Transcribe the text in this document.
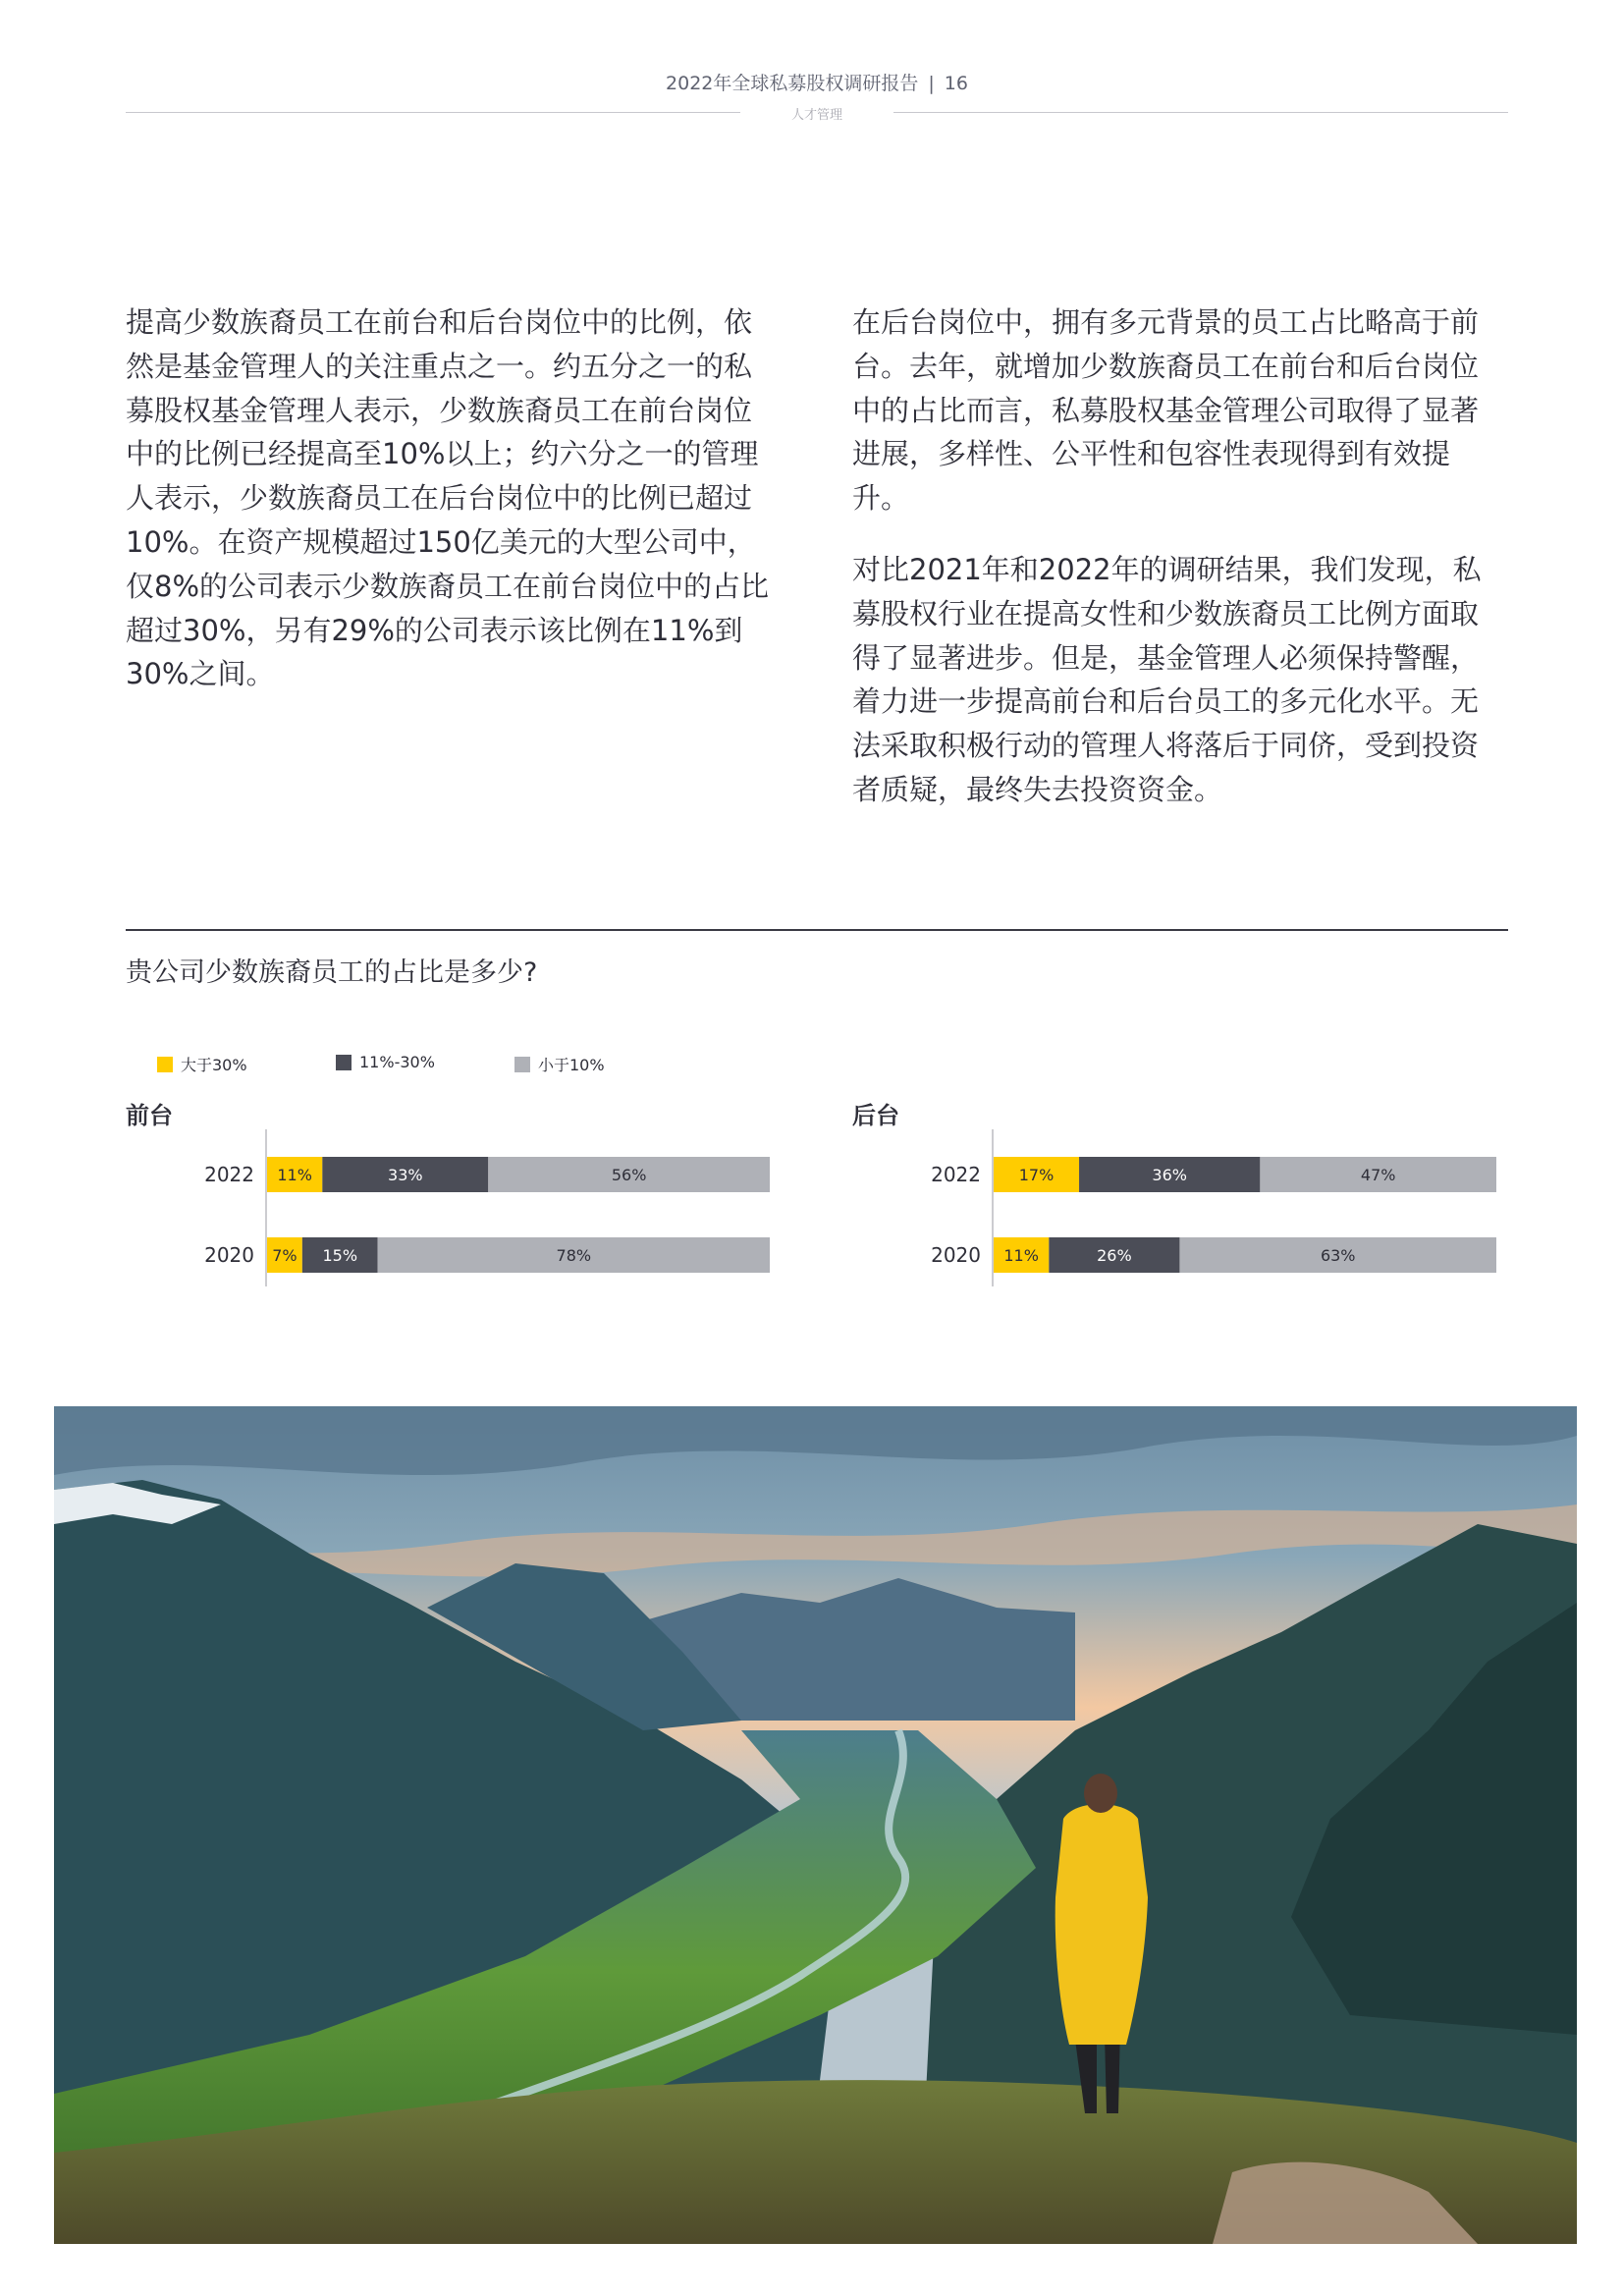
2022年全球私募股权调研报告 | 16
人才管理

提高少数族裔员工在前台和后台岗位中的比例，依然是基金管理人的关注重点之一。约五分之一的私募股权基金管理人表示，少数族裔员工在前台岗位中的比例已经提高至10%以上；约六分之一的管理人表示，少数族裔员工在后台岗位中的比例已超过10%。在资产规模超过150亿美元的大型公司中，仅8%的公司表示少数族裔员工在前台岗位中的占比超过30%，另有29%的公司表示该比例在11%到30%之间。

在后台岗位中，拥有多元背景的员工占比略高于前台。去年，就增加少数族裔员工在前台和后台岗位中的占比而言，私募股权基金管理公司取得了显著进展，多样性、公平性和包容性表现得到有效提升。

对比2021年和2022年的调研结果，我们发现，私募股权行业在提高女性和少数族裔员工比例方面取得了显著进步。但是，基金管理人必须保持警醒，着力进一步提高前台和后台员工的多元化水平。无法采取积极行动的管理人将落后于同侪，受到投资者质疑，最终失去投资资金。

贵公司少数族裔员工的占比是多少?
大于30%	11%-30%	小于10%
前台	后台
2022 11%	33%	56%
2020 7% 15%	78%
2022 17%	36%	47%
2020 11%	26%	63%
